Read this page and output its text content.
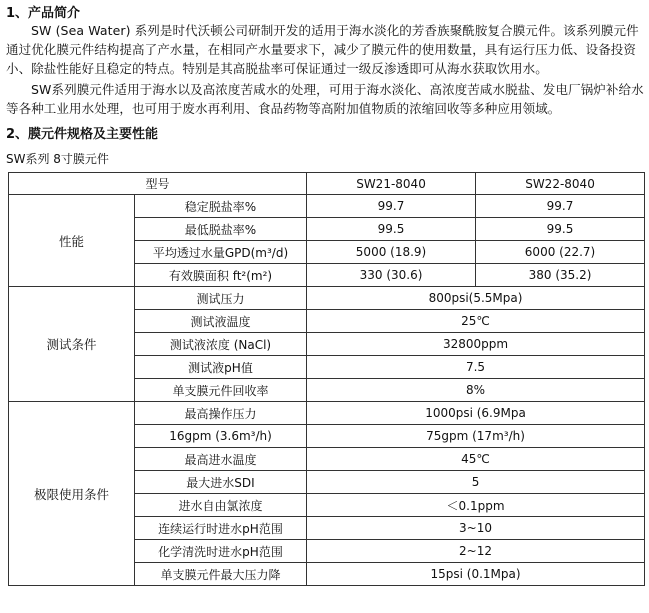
1、产品简介
SW (Sea Water) 系列是时代沃顿公司研制开发的适用于海水淡化的芳香族聚酰胺复合膜元件。该系列膜元件通过优化膜元件结构提高了产水量，在相同产水量要求下，减少了膜元件的使用数量，具有运行压力低、设备投资小、除盐性能好且稳定的特点。特别是其高脱盐率可保证通过一级反渗透即可从海水获取饮用水。
SW系列膜元件适用于海水以及高浓度苦咸水的处理，可用于海水淡化、高浓度苦咸水脱盐、发电厂锅炉补给水等各种工业用水处理，也可用于废水再利用、食品药物等高附加值物质的浓缩回收等多种应用领域。
2、膜元件规格及主要性能
SW系列 8寸膜元件
型号		SW21-8040	SW22-8040
性能	稳定脱盐率%	99.7	99.7
	最低脱盐率%	99.5	99.5
	平均透过水量GPD(m³/d)	5000 (18.9)	6000 (22.7)
	有效膜面积 ft²(m²)	330 (30.6)	380 (35.2)
测试条件	测试压力	800psi(5.5Mpa)	
	测试液温度	25℃	
	测试液浓度 (NaCl)	32800ppm	
	测试液pH值	7.5	
	单支膜元件回收率	8%	
极限使用条件	最高操作压力	1000psi (6.9Mpa	
	16gpm (3.6m³/h)	75gpm (17m³/h)	
	最高进水温度	45℃	
	最大进水SDI	5	
	进水自由氯浓度	＜0.1ppm	
	连续运行时进水pH范围	3~10	
	化学清洗时进水pH范围	2~12	
	单支膜元件最大压力降	15psi (0.1Mpa)	
